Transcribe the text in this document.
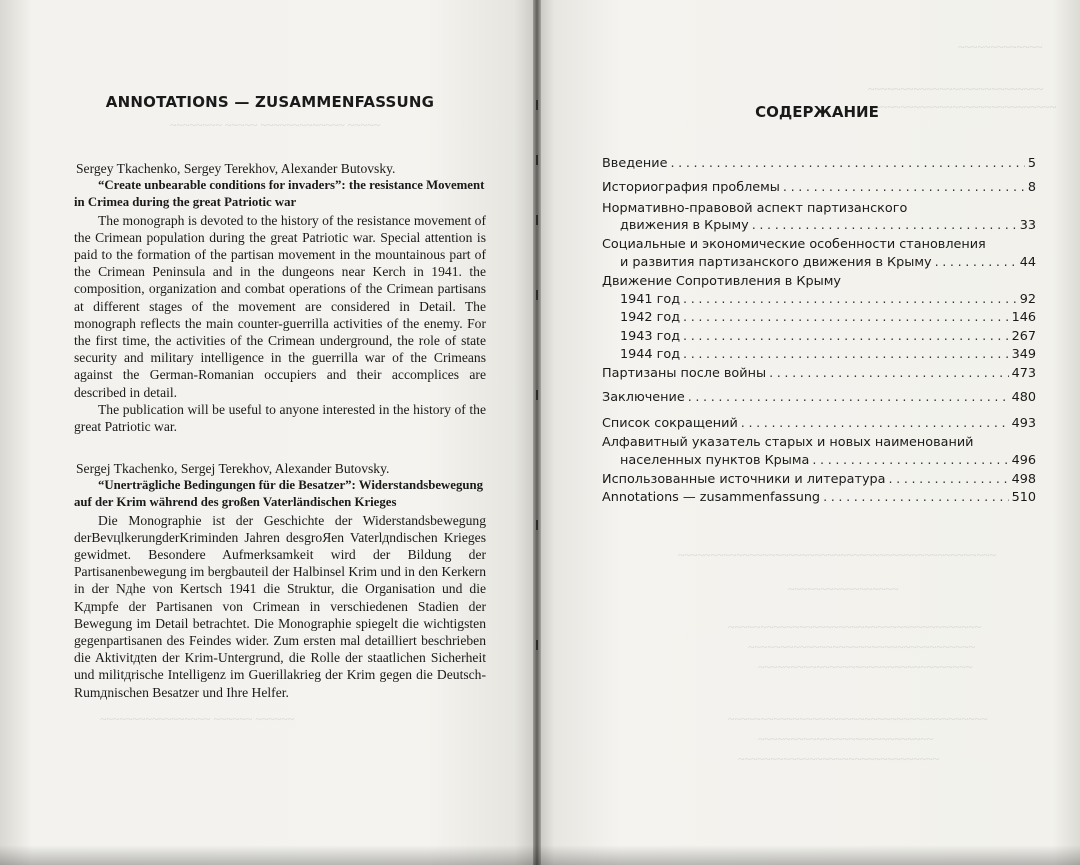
~~~~~~~~ ~~~~~ ~~~~~~~~~~~~~ ~~~~~
~~~~~~~~~~~~~~~~~ ~~~~~~ ~~~~~~
ANNOTATIONS — ZUSAMMENFASSUNG

Sergey Tkachenko, Sergey Terekhov, Alexander Butovsky.

“Create unbearable conditions for invaders”: the resistance Movement

in Crimea during the great Patriotic war

The monograph is devoted to the history of the resistance movement of the Crimean population during the great Patriotic war. Special attention is paid to the formation of the partisan movement in the mountainous part of the Crimean Peninsula and in the dungeons near Kerch in 1941. the composition, organization and combat operations of the Crimean partisans at different stages of the movement are considered in Detail. The monograph reflects the main counter-guerrilla activities of the enemy. For the first time, the activities of the Crimean underground, the role of state security and military intelligence in the guerrilla war of the Crimeans against the German-Romanian occupiers and their accomplices are described in detail.

The publication will be useful to anyone interested in the history of the great Patriotic war.

Sergej Tkachenko, Sergej Terekhov, Alexander Butovsky.

“Unerträgliche Bedingungen für die Besatzer”: Widerstandsbewegung

auf der Krim während des großen Vaterländischen Krieges

Die Monographie ist der Geschichte der Widerstandsbewegung derBevцlkerungderKriminden Jahren desgroЯen Vaterlдndischen Krieges gewidmet. Besondere Aufmerksamkeit wird der Bildung der Partisanenbewegung im bergbauteil der Halbinsel Krim und in den Kerkern in der Nдhe von Kertsch 1941 die Struktur, die Organisation und die Kдmpfe der Partisanen von Crimean in verschiedenen Stadien der Bewegung im Detail betrachtet. Die Monographie spiegelt die wichtigsten gegenpartisanen des Feindes wider. Zum ersten mal detailliert beschrieben die Aktivitдten der Krim-Untergrund, die Rolle der staatlichen Sicherheit und militдrische Intelligenz im Guerillakrieg der Krim gegen die Deutsch-Rumдnischen Besatzer und Ihre Helfer.

~~~~~~~~~~~~~
~~~~~~~~~~~~~~~~~~~~~~~~~~~
~~~~~~~~~~~~~~~~~~~~~~~~~~~~~
~~~~~~~~~~~~~~~~~~~~~~~~~~~~~~~~~~~~~~~~~~~~~~~~~
~~~~~~~~~~~~~~~~~
~~~~~~~~~~~~~~~~~~~~~~~~~~~~~~~~~~~~~~~
~~~~~~~~~~~~~~~~~~~~~~~~~~~~~~~~~~~
~~~~~~~~~~~~~~~~~~~~~~~~~~~~~~~~~
~~~~~~~~~~~~~~~~~~~~~~~~~~~~~~~~~~~~~~~~
~~~~~~~~~~~~~~~~~~~~~~~~~~~
~~~~~~~~~~~~~~~~~~~~~~~~~~~~~~~
СОДЕРЖАНИЕ
Введение .....	5
Историография проблемы .....	8
Нормативно-правовой аспект партизанского
движения в Крыму .....	33
Социальные и экономические особенности становления
и развития партизанского движения в Крыму .....	44
Движение Сопротивления в Крыму
1941 год .....	92
1942 год .....	146
1943 год .....	267
1944 год .....	349
Партизаны после войны .....	473
Заключение .....	480
Список сокращений .....	493
Алфавитный указатель старых и новых наименований
населенных пунктов Крыма .....	496
Использованные источники и литература .....	498
Annotations — zusammenfassung .....	510
